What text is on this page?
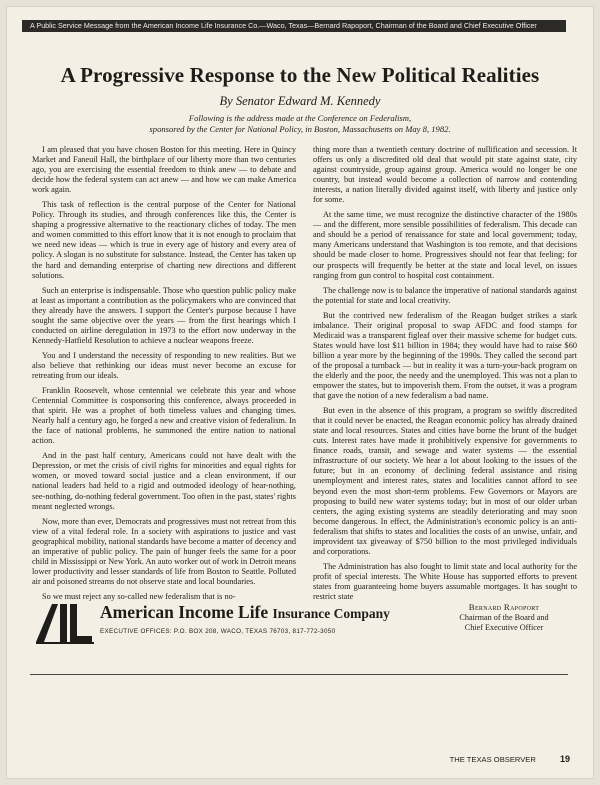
A Public Service Message from the American Income Life Insurance Co.—Waco, Texas—Bernard Rapoport, Chairman of the Board and Chief Executive Officer
A Progressive Response to the New Political Realities
By Senator Edward M. Kennedy
Following is the address made at the Conference on Federalism,
sponsored by the Center for National Policy, in Boston, Massachusetts on May 8, 1982.

I am pleased that you have chosen Boston for this meeting. Here in Quincy Market and Faneuil Hall, the birthplace of our liberty more than two centuries ago, you are exercising the essential freedom to think anew — to debate and decide how the federal system can act anew — and how we can make America work again.

This task of reflection is the central purpose of the Center for National Policy. Through its studies, and through conferences like this, the Center is shaping a progressive alternative to the reactionary cliches of today. The men and women committed to this effort know that it is not enough to proclaim that we need new ideas — which is true in every age of history and every area of policy. A slogan is no substitute for substance. Instead, the Center has taken up the hard and demanding enterprise of charting new directions and different solutions.

Such an enterprise is indispensable. Those who question public policy make at least as important a contribution as the policymakers who are convinced that they already have the answers. I support the Center's purpose because I have sought the same objective over the years — from the first hearings which I conducted on airline deregulation in 1973 to the effort now underway in the Kennedy-Hatfield Resolution to achieve a nuclear weapons freeze.

You and I understand the necessity of responding to new realities. But we also believe that rethinking our ideas must never become an excuse for retreating from our ideals.

Franklin Roosevelt, whose centennial we celebrate this year and whose Centennial Committee is cosponsoring this conference, always proceeded in that spirit. He was a prophet of both timeless values and changing times. Nearly half a century ago, he forged a new and creative vision of federalism. In the face of national problems, he summoned the entire nation to national action.

And in the past half century, Americans could not have dealt with the Depression, or met the crisis of civil rights for minorities and equal rights for women, or moved toward social justice and a clean environment, if our national leaders had held to a rigid and outmoded ideology of hear-nothing, see-nothing, do-nothing federal government. Too often in the past, states' rights meant neglected wrongs.

Now, more than ever, Democrats and progressives must not retreat from this view of a vital federal role. In a society with aspirations to justice and vast geographical mobility, national standards have become a matter of decency and an imperative of public policy. The pain of hunger feels the same for a poor child in Mississippi or New York. An auto worker out of work in Detroit means lower productivity and lesser standards of life from Boston to Seattle. Polluted air and poisoned streams do not observe state and local boundaries.

So we must reject any so-called new federalism that is no-

thing more than a twentieth century doctrine of nullification and secession. It offers us only a discredited old deal that would pit state against state, city against countryside, group against group. America would no longer be one country, but instead would become a collection of narrow and contending interests, a nation literally divided against itself, with liberty and justice only for some.

At the same time, we must recognize the distinctive character of the 1980s — and the different, more sensible possibilities of federalism. This decade can and should be a period of renaissance for state and local government; today, many Americans understand that Washington is too remote, and that decisions should be made closer to home. Progressives should not fear that feeling; for our prospects will frequently be better at the state and local level, on issues ranging from gun control to hospital cost containment.

The challenge now is to balance the imperative of national standards against the potential for state and local creativity.

But the contrived new federalism of the Reagan budget strikes a stark imbalance. Their original proposal to swap AFDC and food stamps for Medicaid was a transparent figleaf over their massive scheme for budget cuts. States would have lost $11 billion in 1984; they would have had to raise $60 billion a year more by the beginning of the 1990s. They called the second part of the proposal a turnback — but in reality it was a turn-your-back program on the elderly and the poor, the needy and the unemployed. This was not a plan to empower the states, but to impoverish them. From the outset, it was a program that gave the notion of a new federalism a bad name.

But even in the absence of this program, a program so swiftly discredited that it could never be enacted, the Reagan economic policy has already drained state and local resources. States and cities have borne the brunt of the budget cuts. Interest rates have made it prohibitively expensive for governments to finance roads, transit, and sewage and water systems — the essential infrastructure of our society. We hear a lot about looking to the issues of the future; but in an economy of declining federal assistance and rising unemployment and interest rates, states and localities cannot afford to see beyond even the most short-term problems. Few Governors or Mayors are proposing to build new water systems today; but in most of our older urban centers, the aging existing systems are steadily deteriorating and may soon become dangerous. In effect, the Administration's economic policy is an anti-federalism that shifts to states and localities the costs of an unwise, unfair, and improvident tax giveaway of $750 billion to the most privileged individuals and corporations.

The Administration has also fought to limit state and local authority for the profit of special interests. The White House has supported efforts to prevent states from guaranteeing home buyers assumable mortgages. It has sought to restrict state

American Income Life Insurance Company
EXECUTIVE OFFICES: P.O. BOX 208, WACO, TEXAS 76703, 817-772-3050
Bernard Rapoport
Chairman of the Board and
Chief Executive Officer
THE TEXAS OBSERVER	19
